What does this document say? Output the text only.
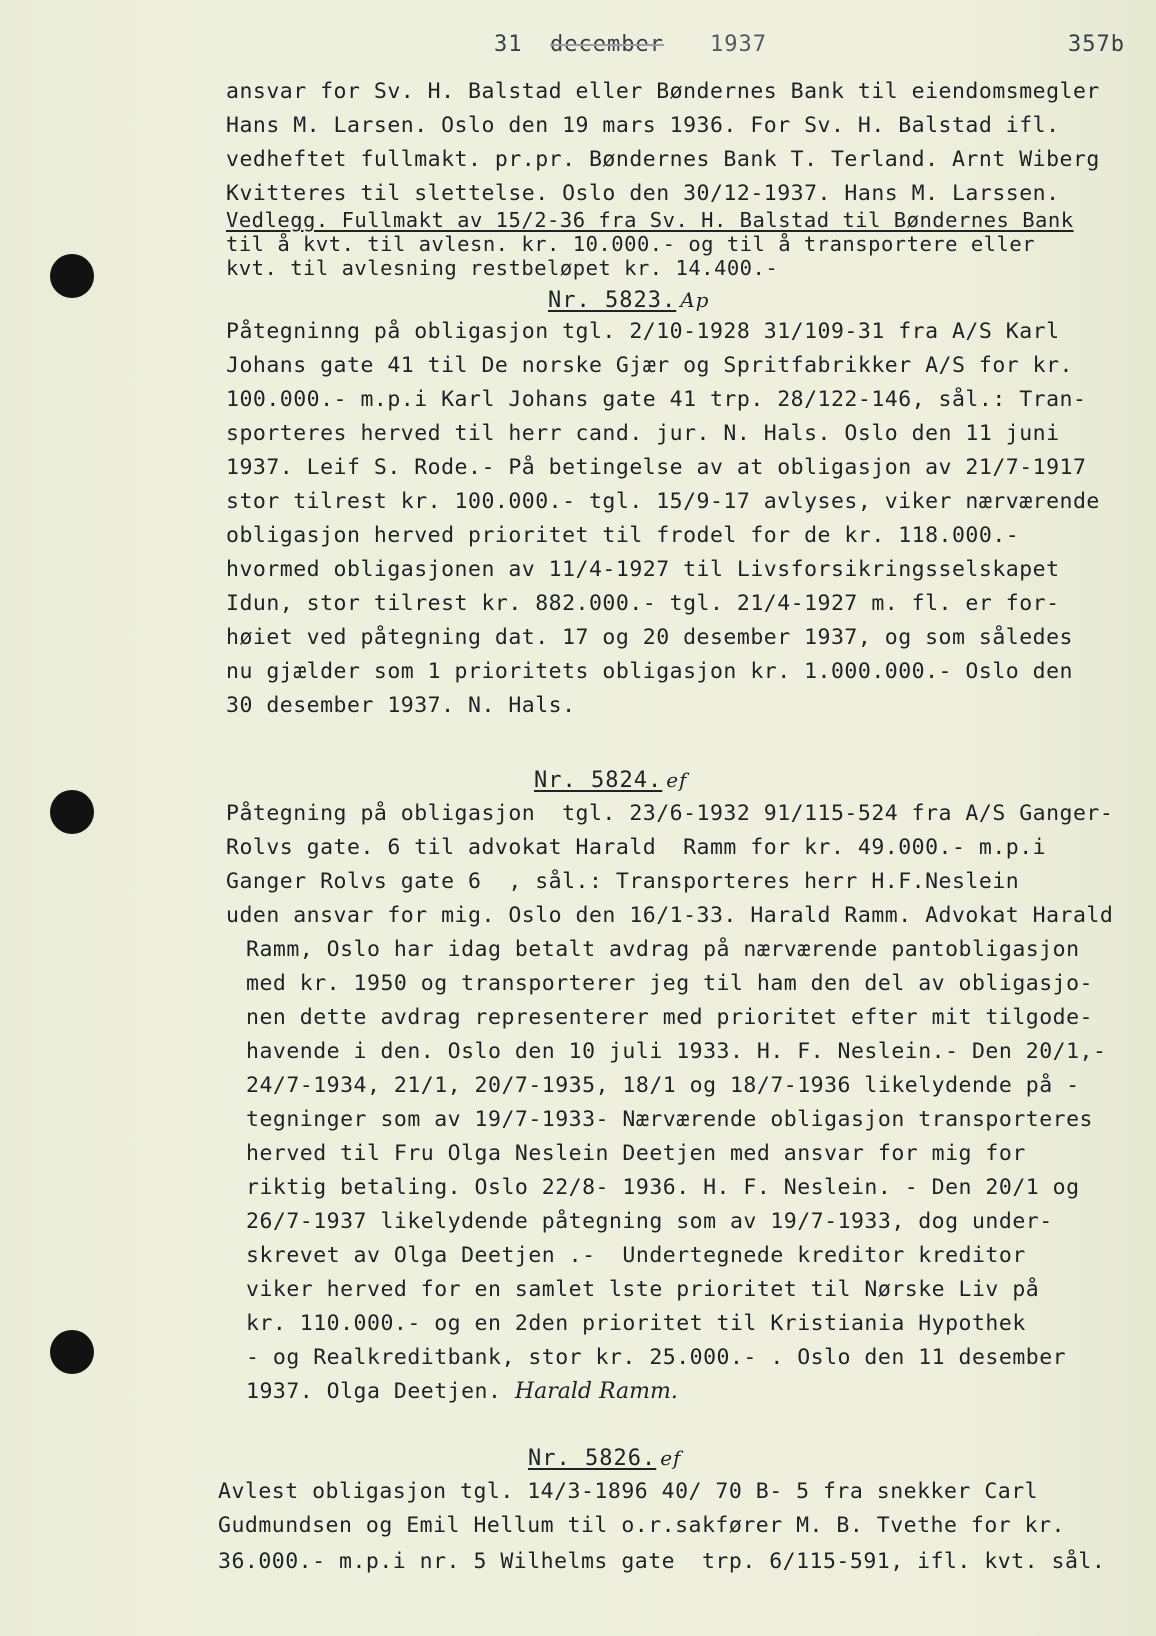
31 december 1937	357b
ansvar for Sv. H. Balstad eller Bøndernes Bank til eiendomsmegler
Hans M. Larsen. Oslo den 19 mars 1936. For Sv. H. Balstad ifl.
vedheftet fullmakt. pr.pr. Bøndernes Bank T. Terland. Arnt Wiberg
Kvitteres til slettelse. Oslo den 30/12-1937. Hans M. Larssen.
Vedlegg. Fullmakt av 15/2-36 fra Sv. H. Balstad til Bøndernes Bank
til å kvt. til avlesn. kr. 10.000.- og til å transportere eller
kvt. til avlesning restbeløpet kr. 14.400.-
Nr. 5823. Ap
Påtegninng på obligasjon tgl. 2/10-1928 31/109-31 fra A/S Karl
Johans gate 41 til De norske Gjær og Spritfabrikker A/S for kr.
100.000.- m.p.i Karl Johans gate 41 trp. 28/122-146, sål.: Tran-
sporteres herved til herr cand. jur. N. Hals. Oslo den 11 juni
1937. Leif S. Rode.- På betingelse av at obligasjon av 21/7-1917
stor tilrest kr. 100.000.- tgl. 15/9-17 avlyses, viker nærværende
obligasjon herved prioritet til frodel for de kr. 118.000.-
hvormed obligasjonen av 11/4-1927 til Livsforsikringsselskapet
Idun, stor tilrest kr. 882.000.- tgl. 21/4-1927 m. fl. er for-
høiet ved påtegning dat. 17 og 20 desember 1937, og som således
nu gjælder som 1 prioritets obligasjon kr. 1.000.000.- Oslo den
30 desember 1937. N. Hals.
Nr. 5824. ef
Påtegning på obligasjon  tgl. 23/6-1932 91/115-524 fra A/S Ganger-
Rolvs gate. 6 til advokat Harald  Ramm for kr. 49.000.- m.p.i
Ganger Rolvs gate 6  , sål.: Transporteres herr H.F.Neslein
uden ansvar for mig. Oslo den 16/1-33. Harald Ramm. Advokat Harald
Ramm, Oslo har idag betalt avdrag på nærværende pantobligasjon
med kr. 1950 og transporterer jeg til ham den del av obligasjo-
nen dette avdrag representerer med prioritet efter mit tilgode-
havende i den. Oslo den 10 juli 1933. H. F. Neslein.- Den 20/1,-
24/7-1934, 21/1, 20/7-1935, 18/1 og 18/7-1936 likelydende på -
tegninger som av 19/7-1933- Nærværende obligasjon transporteres
herved til Fru Olga Neslein Deetjen med ansvar for mig for
riktig betaling. Oslo 22/8- 1936. H. F. Neslein. - Den 20/1 og
26/7-1937 likelydende påtegning som av 19/7-1933, dog under-
skrevet av Olga Deetjen .-  Undertegnede kreditor kreditor
viker herved for en samlet lste prioritet til Nørske Liv på
kr. 110.000.- og en 2den prioritet til Kristiania Hypothek
- og Realkreditbank, stor kr. 25.000.- . Oslo den 11 desember
1937. Olga Deetjen. Harald Ramm.
Nr. 5826. ef
Avlest obligasjon tgl. 14/3-1896 40/ 70 B- 5 fra snekker Carl
Gudmundsen og Emil Hellum til o.r.sakfører M. B. Tvethe for kr.
36.000.- m.p.i nr. 5 Wilhelms gate  trp. 6/115-591, ifl. kvt. sål.
